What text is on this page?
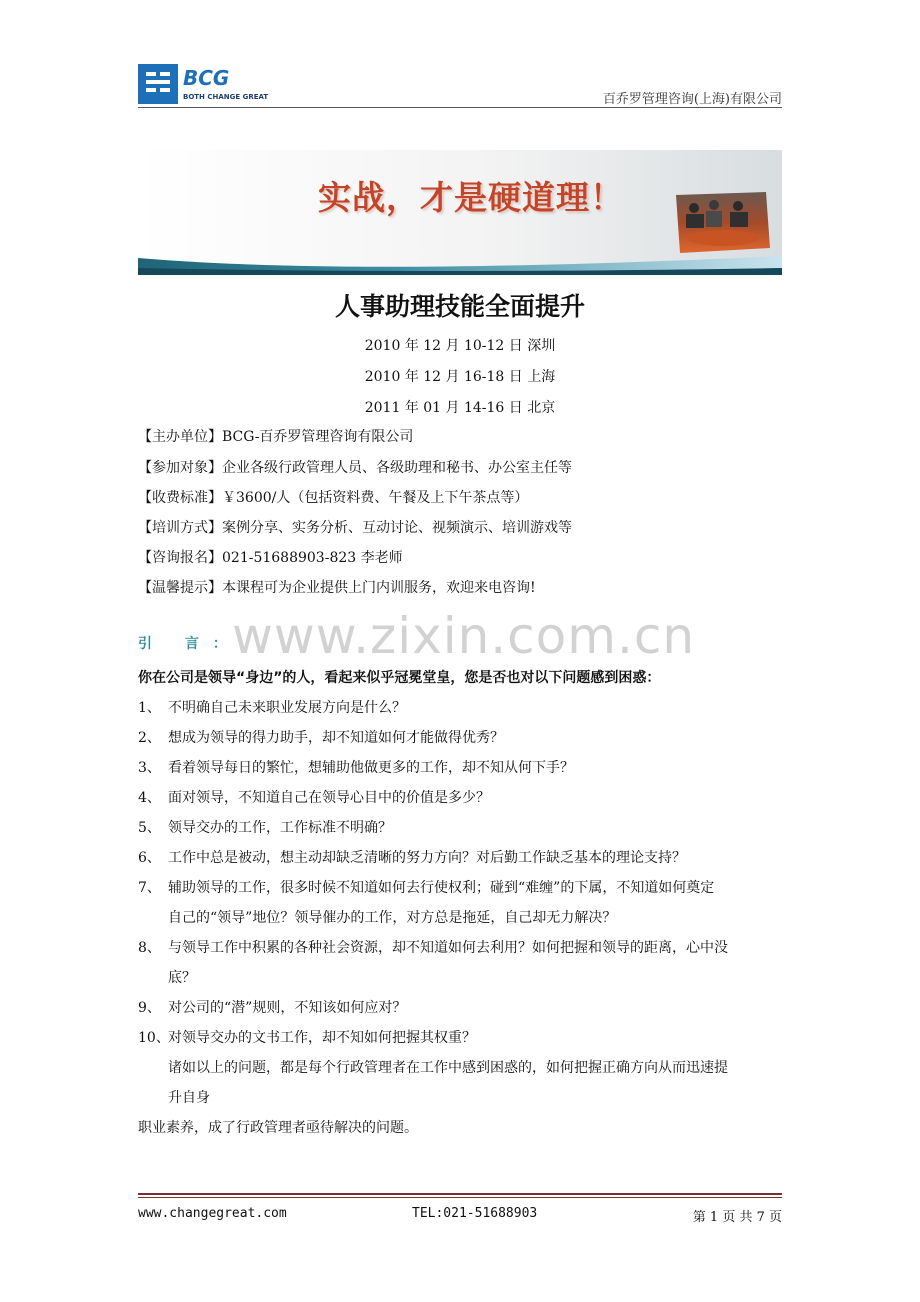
BCG
BOTH CHANGE GREAT	百乔罗管理咨询(上海)有限公司
实战，才是硬道理！
人事助理技能全面提升
2010 年 12 月 10-12 日 深圳
2010 年 12 月 16-18 日 上海
2011 年 01 月 14-16 日 北京
【主办单位】BCG-百乔罗管理咨询有限公司
【参加对象】企业各级行政管理人员、各级助理和秘书、办公室主任等
【收费标准】￥3600/人（包括资料费、午餐及上下午茶点等）
【培训方式】案例分享、实务分析、互动讨论、视频演示、培训游戏等
【咨询报名】021-51688903-823 李老师
【温馨提示】本课程可为企业提供上门内训服务，欢迎来电咨询!
www.zixin.com.cn
引 言：
你在公司是领导“身边”的人，看起来似乎冠冕堂皇，您是否也对以下问题感到困惑：
1、 不明确自己未来职业发展方向是什么？
2、 想成为领导的得力助手，却不知道如何才能做得优秀？
3、 看着领导每日的繁忙，想辅助他做更多的工作，却不知从何下手？
4、 面对领导，不知道自己在领导心目中的价值是多少？
5、 领导交办的工作，工作标准不明确？
6、 工作中总是被动，想主动却缺乏清晰的努力方向？对后勤工作缺乏基本的理论支持？
7、 辅助领导的工作，很多时候不知道如何去行使权利；碰到“难缠”的下属，不知道如何奠定
自己的“领导”地位？领导催办的工作，对方总是拖延，自己却无力解决？
8、 与领导工作中积累的各种社会资源，却不知道如何去利用？如何把握和领导的距离，心中没
底？
9、 对公司的“潜”规则，不知该如何应对？
10、对领导交办的文书工作，却不知如何把握其权重？
诸如以上的问题，都是每个行政管理者在工作中感到困惑的，如何把握正确方向从而迅速提
升自身
职业素养，成了行政管理者亟待解决的问题。
www.changegreat.com	TEL:021-51688903	第 1 页 共 7 页
